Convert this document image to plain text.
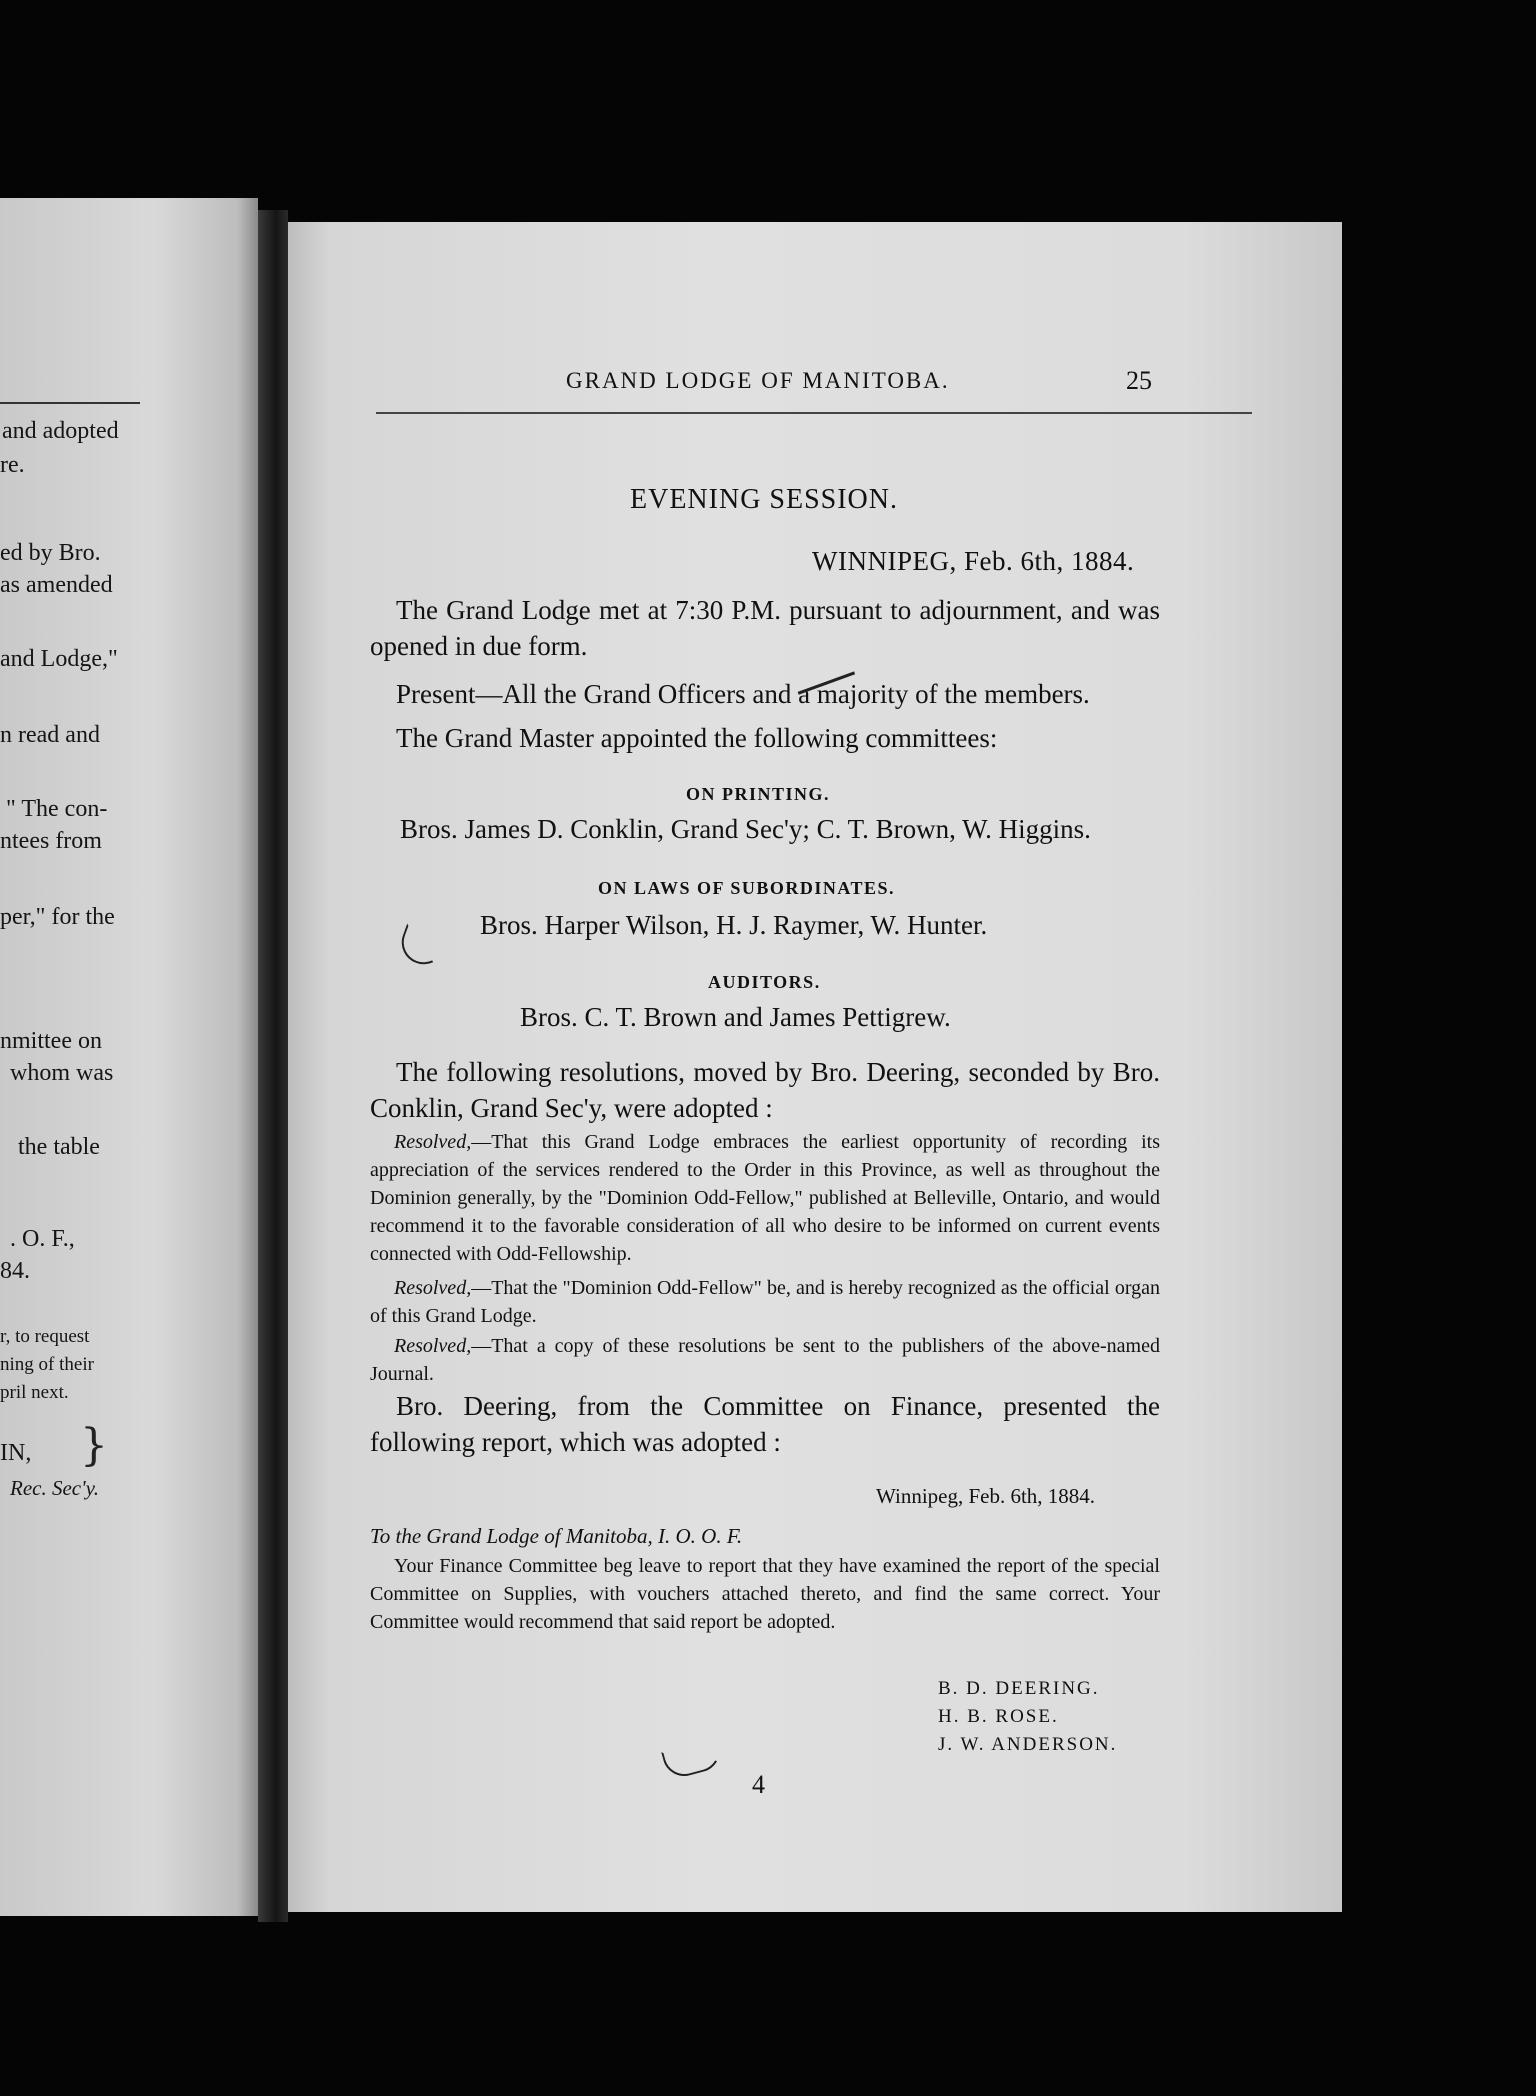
and adopted
re.
ed by Bro.
as amended
and Lodge,"
n read and
" The con-
ntees from
per," for the
nmittee on
whom was
the table
. O. F.,
84.
}
r, to request
ning of their
pril next.
IN,
Rec. Sec'y.
GRAND LODGE OF MANITOBA.	25
EVENING SESSION.
WINNIPEG, Feb. 6th, 1884.
The Grand Lodge met at 7:30 P.M. pursuant to adjournment, and was opened in due form.
Present—All the Grand Officers and a majority of the members.
The Grand Master appointed the following committees:
ON PRINTING.
Bros. James D. Conklin, Grand Sec'y; C. T. Brown, W. Higgins.
ON LAWS OF SUBORDINATES.
Bros. Harper Wilson, H. J. Raymer, W. Hunter.
AUDITORS.
Bros. C. T. Brown and James Pettigrew.
The following resolutions, moved by Bro. Deering, seconded by Bro. Conklin, Grand Sec'y, were adopted :
Resolved,—That this Grand Lodge embraces the earliest opportunity of recording its appreciation of the services rendered to the Order in this Province, as well as throughout the Dominion generally, by the "Dominion Odd-Fellow," published at Belleville, Ontario, and would recommend it to the favorable consideration of all who desire to be informed on current events connected with Odd-Fellowship.
Resolved,—That the "Dominion Odd-Fellow" be, and is hereby recognized as the official organ of this Grand Lodge.
Resolved,—That a copy of these resolutions be sent to the publishers of the above-named Journal.
Bro. Deering, from the Committee on Finance, presented the following report, which was adopted :
Winnipeg, Feb. 6th, 1884.
To the Grand Lodge of Manitoba, I. O. O. F.
Your Finance Committee beg leave to report that they have examined the report of the special Committee on Supplies, with vouchers attached thereto, and find the same correct. Your Committee would recommend that said report be adopted.
B. D. DEERING.
H. B. ROSE.
J. W. ANDERSON.
4
